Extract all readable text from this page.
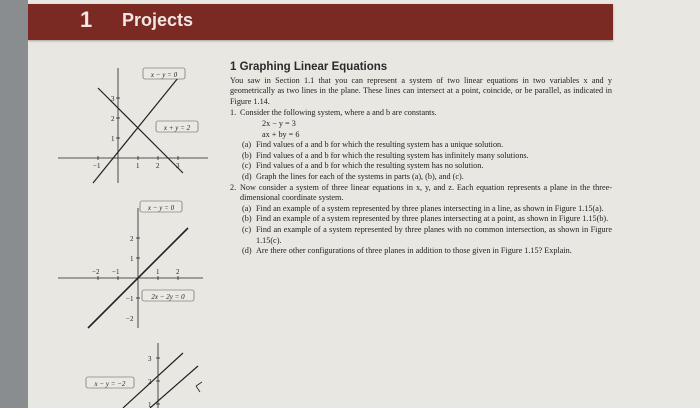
1 Projects
x − y = 0
x + y = 2
3
2
1
−1	1 2 3
x − y = 0
2x − 2y = 0
2
1
−1
−2
−2 −1	1 2
x − y = −2
3
2
1
1 Graphing Linear Equations
You saw in Section 1.1 that you can represent a system of two linear equations in two variables x and y geometrically as two lines in the plane. These lines can intersect at a point, coincide, or be parallel, as indicated in Figure 1.14.
1. Consider the following system, where a and b are constants.
2x − y = 3
ax + by = 6
(a) Find values of a and b for which the resulting system has a unique solution.
(b) Find values of a and b for which the resulting system has infinitely many solutions.
(c) Find values of a and b for which the resulting system has no solution.
(d) Graph the lines for each of the systems in parts (a), (b), and (c).
2. Now consider a system of three linear equations in x, y, and z. Each equation represents a plane in the three-dimensional coordinate system.
(a) Find an example of a system represented by three planes intersecting in a line, as shown in Figure 1.15(a).
(b) Find an example of a system represented by three planes intersecting at a point, as shown in Figure 1.15(b).
(c) Find an example of a system represented by three planes with no common intersection, as shown in Figure 1.15(c).
(d) Are there other configurations of three planes in addition to those given in Figure 1.15? Explain.
